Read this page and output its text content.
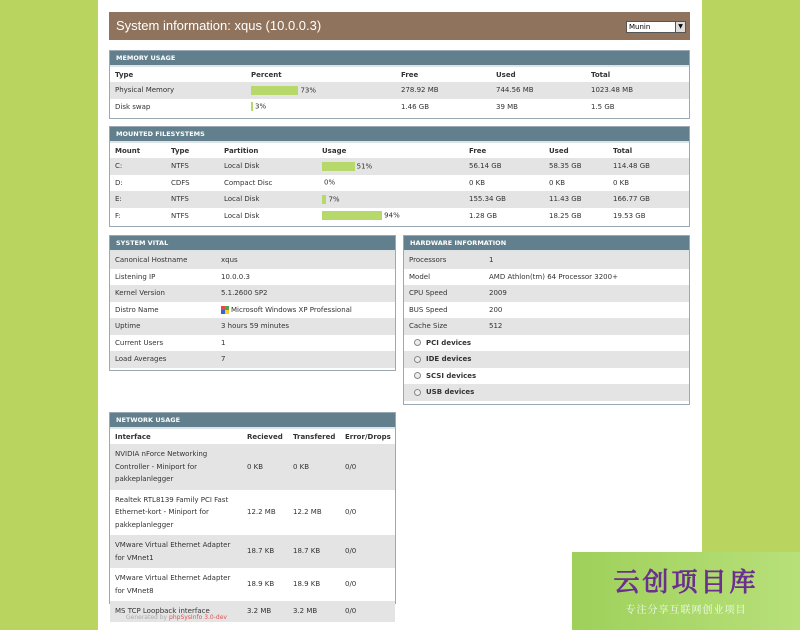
System information: xqus (10.0.0.3)	Munin	▼
MEMORY USAGE
Type	Percent	Free	Used	Total
Physical Memory	73%	278.92 MB	744.56 MB	1023.48 MB
Disk swap	3%	1.46 GB	39 MB	1.5 GB
MOUNTED FILESYSTEMS
Mount	Type	Partition	Usage	Free	Used	Total
C:	NTFS	Local Disk	51%	56.14 GB	58.35 GB	114.48 GB
D:	CDFS	Compact Disc	0%	0 KB	0 KB	0 KB
E:	NTFS	Local Disk	7%	155.34 GB	11.43 GB	166.77 GB
F:	NTFS	Local Disk	94%	1.28 GB	18.25 GB	19.53 GB
SYSTEM VITAL
Canonical Hostname	xqus
Listening IP	10.0.0.3
Kernel Version	5.1.2600 SP2
Distro Name	Microsoft Windows XP Professional
Uptime	3 hours 59 minutes
Current Users	1
Load Averages	7
HARDWARE INFORMATION
Processors	1
Model	AMD Athlon(tm) 64 Processor 3200+
CPU Speed	2009
BUS Speed	200
Cache Size	512
PCI devices	
IDE devices	
SCSI devices	
USB devices	
NETWORK USAGE
Interface	Recieved	Transfered	Error/Drops
NVIDIA nForce Networking Controller - Miniport for pakkeplanlegger	0 KB	0 KB	0/0
Realtek RTL8139 Family PCI Fast Ethernet-kort - Miniport for pakkeplanlegger	12.2 MB	12.2 MB	0/0
VMware Virtual Ethernet Adapter for VMnet1	18.7 KB	18.7 KB	0/0
VMware Virtual Ethernet Adapter for VMnet8	18.9 KB	18.9 KB	0/0
MS TCP Loopback interface	3.2 MB	3.2 MB	0/0
Generated by phpSysInfo 3.0-dev
云创项目库
专注分享互联网创业项目
